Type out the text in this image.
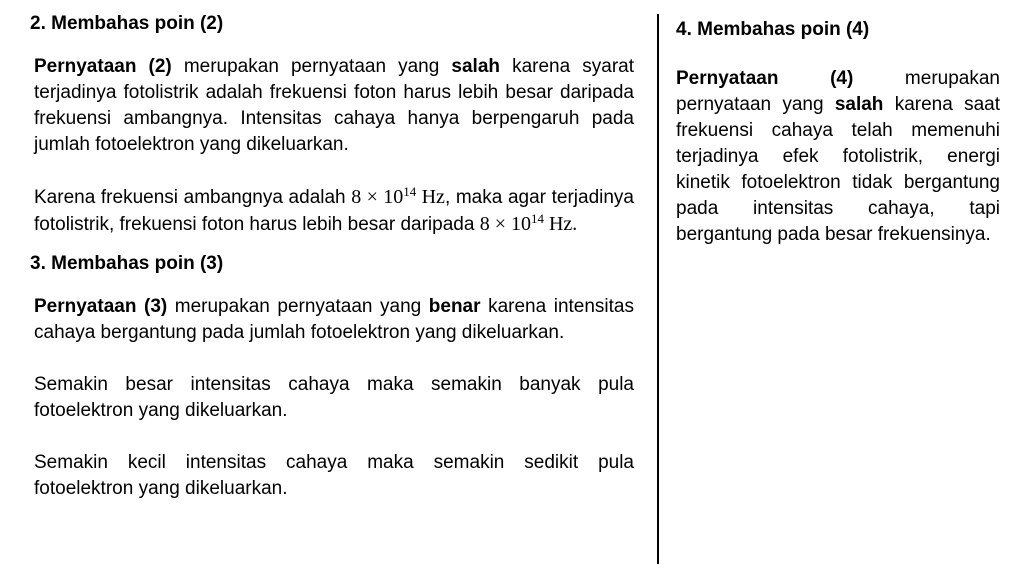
2. Membahas poin (2)

Pernyataan (2) merupakan pernyataan yang salah karena syarat terjadinya fotolistrik adalah frekuensi foton harus lebih besar daripada frekuensi ambangnya. Intensitas cahaya hanya berpengaruh pada jumlah fotoelektron yang dikeluarkan.

Karena frekuensi ambangnya adalah $8 \times 10^{14}$ Hz, maka agar terjadinya fotolistrik, frekuensi foton harus lebih besar daripada $8 \times 10^{14}$ Hz.

3. Membahas poin (3)

Pernyataan (3) merupakan pernyataan yang benar karena intensitas cahaya bergantung pada jumlah fotoelektron yang dikeluarkan.

Semakin besar intensitas cahaya maka semakin banyak pula fotoelektron yang dikeluarkan.

Semakin kecil intensitas cahaya maka semakin sedikit pula fotoelektron yang dikeluarkan.

4. Membahas poin (4)

Pernyataan (4) merupakan pernyataan yang salah karena saat frekuensi cahaya telah memenuhi terjadinya efek fotolistrik, energi kinetik fotoelektron tidak bergantung pada intensitas cahaya, tapi bergantung pada besar frekuensinya.
